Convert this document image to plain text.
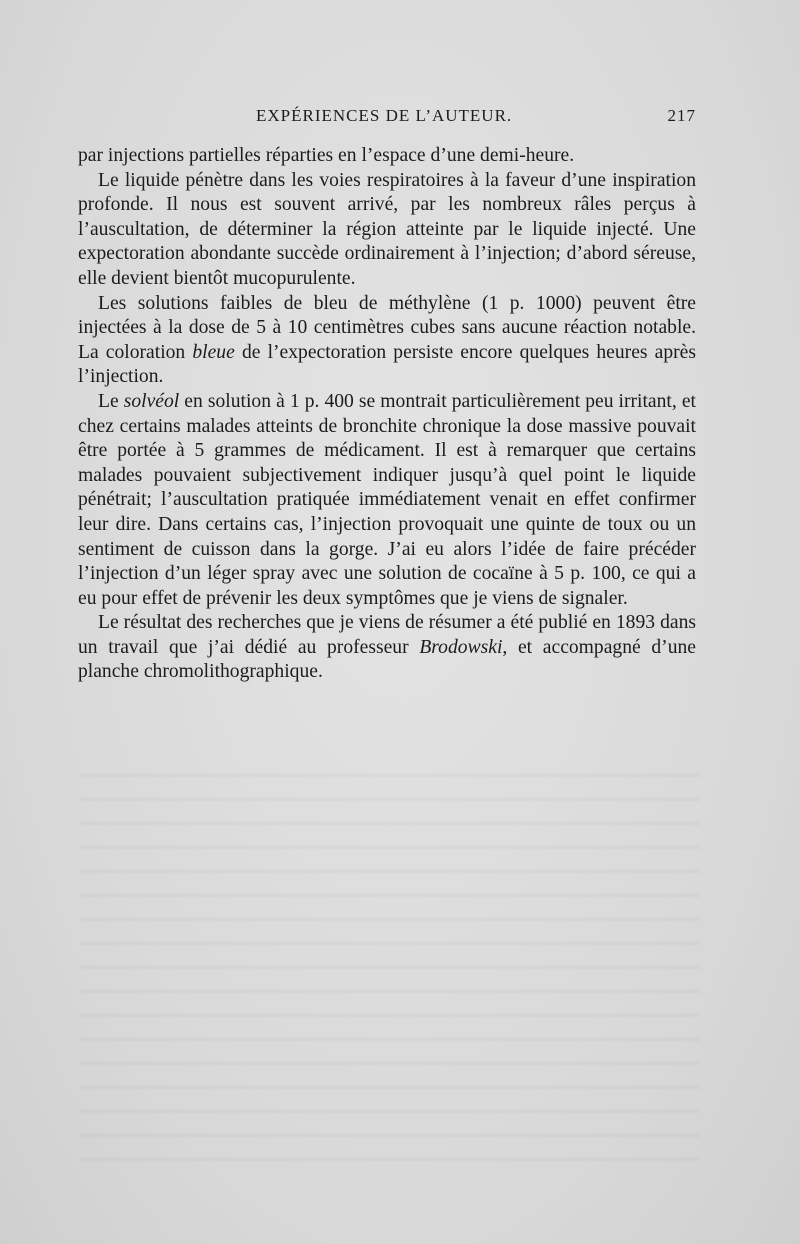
EXPÉRIENCES DE L’AUTEUR.	217

par injections partielles réparties en l’espace d’une demi-heure.

Le liquide pénètre dans les voies respiratoires à la faveur d’une inspiration profonde. Il nous est souvent arrivé, par les nombreux râles perçus à l’auscultation, de déterminer la région atteinte par le liquide injecté. Une expectoration abondante succède ordinairement à l’injection; d’abord séreuse, elle devient bientôt mucopurulente.

Les solutions faibles de bleu de méthylène (1 p. 1000) peuvent être injectées à la dose de 5 à 10 centimètres cubes sans aucune réaction notable. La coloration bleue de l’expectoration persiste encore quelques heures après l’injection.

Le solvéol en solution à 1 p. 400 se montrait particulièrement peu irritant, et chez certains malades atteints de bronchite chronique la dose massive pouvait être portée à 5 grammes de médicament. Il est à remarquer que certains malades pouvaient subjectivement indiquer jusqu’à quel point le liquide pénétrait; l’auscultation pratiquée immédiatement venait en effet confirmer leur dire. Dans certains cas, l’injection provoquait une quinte de toux ou un sentiment de cuisson dans la gorge. J’ai eu alors l’idée de faire précéder l’injection d’un léger spray avec une solution de cocaïne à 5 p. 100, ce qui a eu pour effet de prévenir les deux symptômes que je viens de signaler.

Le résultat des recherches que je viens de résumer a été publié en 1893 dans un travail que j’ai dédié au professeur Brodowski, et accompagné d’une planche chromolithographique.
